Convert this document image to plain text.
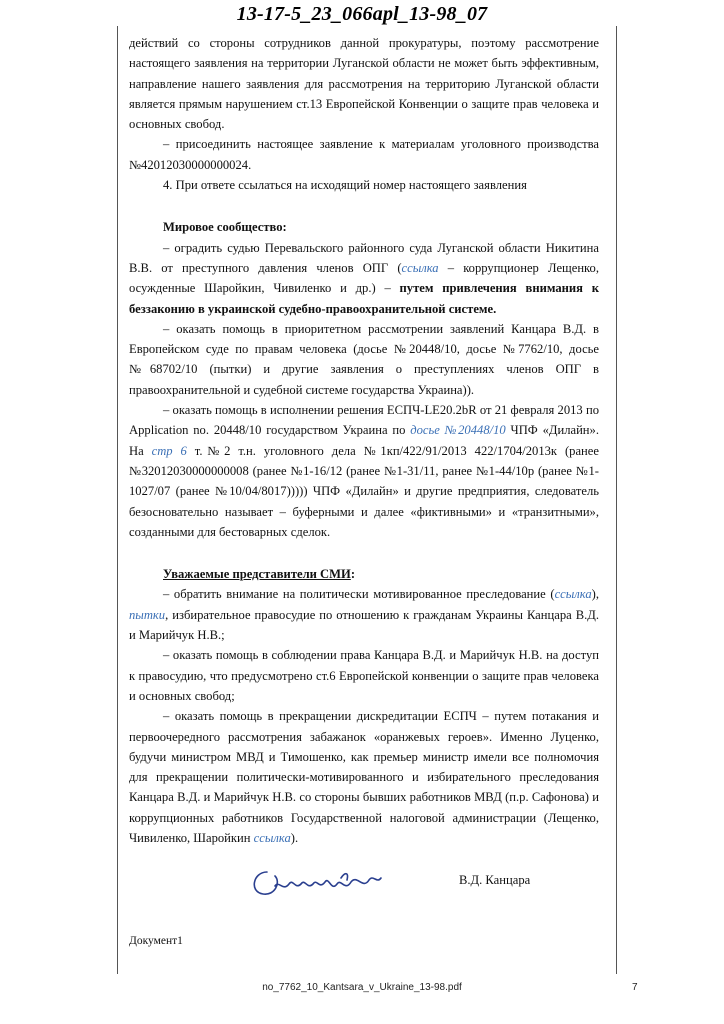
13-17-5_23_066apl_13-98_07

действий со стороны сотрудников данной прокуратуры, поэтому рассмотрение настоящего заявления на территории Луганской области не может быть эффективным, направление нашего заявления для рассмотрения на территорию Луганской области является прямым нарушением ст.13 Европейской Конвенции о защите прав человека и основных свобод.

– присоединить настоящее заявление к материалам уголовного производства №42012030000000024.

4. При ответе ссылаться на исходящий номер настоящего заявления

Мировое сообщество:

– оградить судью Перевальского районного суда Луганской области Никитина В.В. от преступного давления членов ОПГ (ссылка – коррупционер Лещенко, осужденные Шаройкин, Чивиленко и др.) – путем привлечения внимания к беззаконию в украинской судебно-правоохранительной системе.

– оказать помощь в приоритетном рассмотрении заявлений Канцара В.Д. в Европейском суде по правам человека (досье №20448/10, досье №7762/10, досье №68702/10 (пытки) и другие заявления о преступлениях членов ОПГ в правоохранительной и судебной системе государства Украина)).

– оказать помощь в исполнении решения ЕСПЧ-LE20.2bR от 21 февраля 2013 по Application no. 20448/10 государством Украина по досье №20448/10 ЧПФ «Дилайн». На стр 6 т.№2 т.н. уголовного дела №1кп/422/91/2013 422/1704/2013к (ранее №32012030000000008 (ранее №1-16/12 (ранее №1-31/11, ранее №1-44/10р (ранее №1-1027/07 (ранее №10/04/8017))))) ЧПФ «Дилайн» и другие предприятия, следователь безосновательно называет – буферными и далее «фиктивными» и «транзитными», созданными для бестоварных сделок.

Уважаемые представители СМИ:

– обратить внимание на политически мотивированное преследование (ссылка), пытки, избирательное правосудие по отношению к гражданам Украины Канцара В.Д. и Марийчук Н.В.;

– оказать помощь в соблюдении права Канцара В.Д. и Марийчук Н.В. на доступ к правосудию, что предусмотрено ст.6 Европейской конвенции о защите прав человека и основных свобод;

– оказать помощь в прекращении дискредитации ЕСПЧ – путем потакания и первоочередного рассмотрения забажанок «оранжевых героев». Именно Луценко, будучи министром МВД и Тимошенко, как премьер министр имели все полномочия для прекращении политически-мотивированного и избирательного преследования Канцара В.Д. и Марийчук Н.В. со стороны бывших работников МВД (п.р. Сафонова) и коррупционных работников Государственной налоговой администрации (Лещенко, Чивиленко, Шаройкин ссылка).

В.Д. Канцара
Документ1
no_7762_10_Kantsara_v_Ukraine_13-98.pdf	7
